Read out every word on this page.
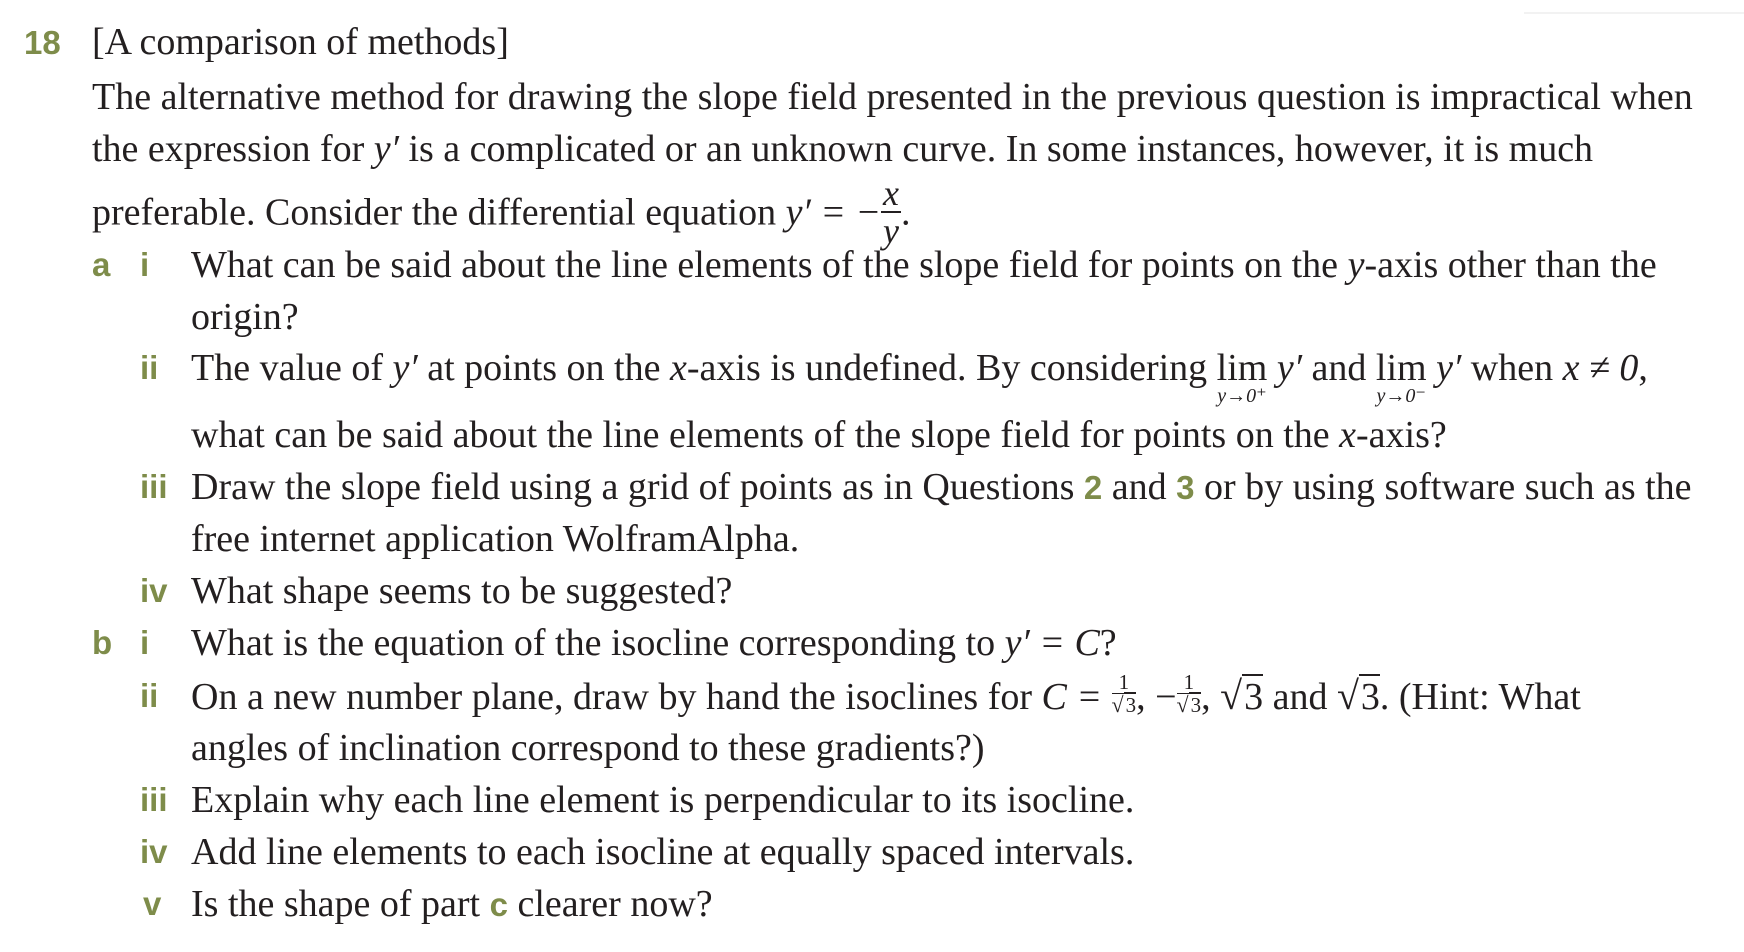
18 [A comparison of methods]
The alternative method for drawing the slope field presented in the previous question is impractical when
the expression for y′ is a complicated or an unknown curve. In some instances, however, it is much
preferable. Consider the differential equation y′ = − $\frac{x}{y}$ .
a i What can be said about the line elements of the slope field for points on the y-axis other than the
origin?
ii The value of y′ at points on the x-axis is undefined. By considering lim
y→0⁺
y′ and lim
y→0⁻
y′ when x ≠ 0,
what can be said about the line elements of the slope field for points on the x-axis?
iii Draw the slope field using a grid of points as in Questions 2 and 3 or by using software such as the
free internet application WolframAlpha.
iv What shape seems to be suggested?
b i What is the equation of the isocline corresponding to y′ = C?
ii On a new number plane, draw by hand the isoclines for $C = \frac{1}{√3}$ , − $\frac{1}{√3}$ , √3 and √3. (Hint: What
angles of inclination correspond to these gradients?)
iii Explain why each line element is perpendicular to its isocline.
iv Add line elements to each isocline at equally spaced intervals.
v Is the shape of part c clearer now?
